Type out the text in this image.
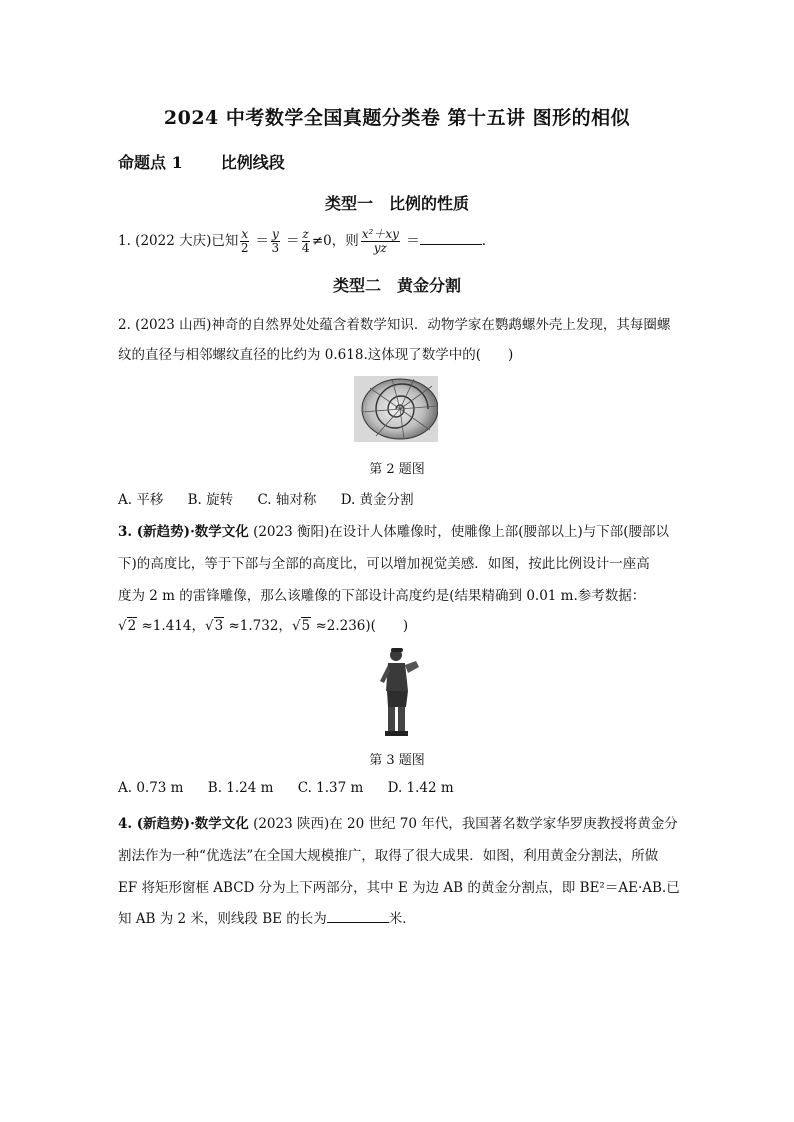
2024 中考数学全国真题分类卷 第十五讲 图形的相似
命题点 1 比例线段
类型一　比例的性质
1. (2022 大庆)已知 $\frac{x}{2} = \frac{y}{3} = \frac{z}{4} \ne 0$，则 $\frac{\text{x²＋xy}}{yz}$ ＝	.
类型二　黄金分割
2. (2023 山西)神奇的自然界处处蕴含着数学知识．动物学家在鹦鹉螺外壳上发现，其每圈螺
纹的直径与相邻螺纹直径的比约为 0.618.这体现了数学中的(　　)
第 2 题图
A. 平移 B. 旋转 C. 轴对称 D. 黄金分割
3. (新趋势)·数学文化 (2023 衡阳)在设计人体雕像时，使雕像上部(腰部以上)与下部(腰部以
下)的高度比，等于下部与全部的高度比，可以增加视觉美感．如图，按此比例设计一座高
度为 2 m 的雷锋雕像，那么该雕像的下部设计高度约是(结果精确到 0.01 m.参考数据：
√2 ≈1.414，√3 ≈1.732，√5 ≈2.236)(　　)
第 3 题图
A. 0.73 m B. 1.24 m C. 1.37 m D. 1.42 m
4. (新趋势)·数学文化 (2023 陕西)在 20 世纪 70 年代，我国著名数学家华罗庚教授将黄金分
割法作为一种“优选法”在全国大规模推广，取得了很大成果．如图，利用黄金分割法，所做
EF 将矩形窗框 ABCD 分为上下两部分，其中 E 为边 AB 的黄金分割点，即 BE²＝AE·AB.已
知 AB 为 2 米，则线段 BE 的长为	米．
